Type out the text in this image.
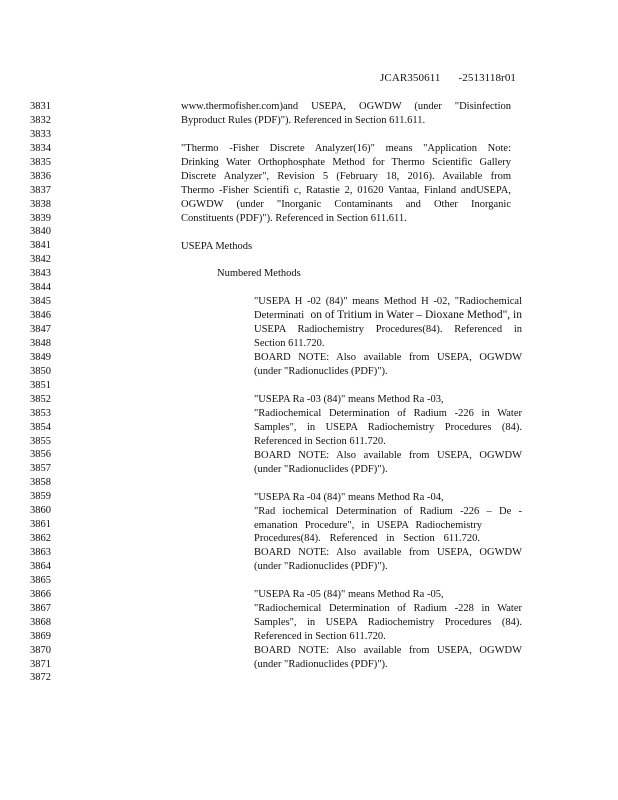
JCAR350611 -2513118r01
3831
3832
3833
3834
3835
3836
3837
3838
3839
3840
3841
3842
3843
3844
3845
3846
3847
3848
3849
3850
3851
3852
3853
3854
3855
3856
3857
3858
3859
3860
3861
3862
3863
3864
3865
3866
3867
3868
3869
3870
3871
3872
www.thermofisher.com)and USEPA, OGWDW (under "Disinfection
Byproduct Rules (PDF)"). Referenced in Section 611.611.
"Thermo -Fisher Discrete Analyzer(16)" means "Application Note:
Drinking Water Orthophosphate Method for Thermo Scientific Gallery
Discrete Analyzer", Revision 5 (February 18, 2016). Available from
Thermo -Fisher Scientifi c, Ratastie 2, 01620 Vantaa, Finland andUSEPA,
OGWDW (under "Inorganic Contaminants and Other Inorganic
Constituents (PDF)"). Referenced in Section 611.611.
USEPA Methods
Numbered Methods
"USEPA H -02 (84)" means Method H -02, "Radiochemical
Determinati on of Tritium in Water – Dioxane Method", in
USEPA Radiochemistry Procedures(84). Referenced in
Section 611.720.
BOARD NOTE: Also available from USEPA, OGWDW
(under "Radionuclides (PDF)").
"USEPA Ra -03 (84)" means Method Ra -03,
"Radiochemical Determination of Radium -226 in Water
Samples", in USEPA Radiochemistry Procedures (84).
Referenced in Section 611.720.
BOARD NOTE: Also available from USEPA, OGWDW
(under "Radionuclides (PDF)").
"USEPA Ra -04 (84)" means Method Ra -04,
"Rad iochemical Determination of Radium -226 – De -
emanation Procedure", in USEPA Radiochemistry
Procedures(84). Referenced in Section 611.720.
BOARD NOTE: Also available from USEPA, OGWDW
(under "Radionuclides (PDF)").
"USEPA Ra -05 (84)" means Method Ra -05,
"Radiochemical Determination of Radium -228 in Water
Samples", in USEPA Radiochemistry Procedures (84).
Referenced in Section 611.720.
BOARD NOTE: Also available from USEPA, OGWDW
(under "Radionuclides (PDF)").
